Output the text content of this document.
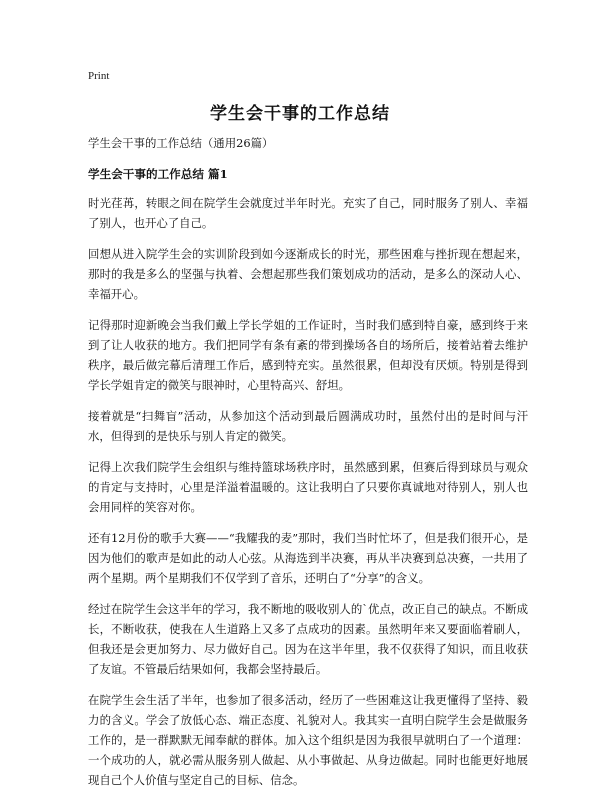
Print
学生会干事的工作总结
学生会干事的工作总结（通用26篇）
学生会干事的工作总结 篇1

时光荏苒，转眼之间在院学生会就度过半年时光。充实了自己，同时服务了别人、幸福了别人，也开心了自己。

回想从进入院学生会的实训阶段到如今逐渐成长的时光，那些困难与挫折现在想起来，那时的我是多么的坚强与执着、会想起那些我们策划成功的活动，是多么的深动人心、幸福开心。

记得那时迎新晚会当我们戴上学长学姐的工作证时，当时我们感到特自豪，感到终于来到了让人收获的地方。我们把同学有条有紊的带到操场各自的场所后，接着站着去维护秩序，最后做完幕后清理工作后，感到特充实。虽然很累，但却没有厌烦。特别是得到学长学姐肯定的微笑与眼神时，心里特高兴、舒坦。

接着就是“扫舞盲”活动，从参加这个活动到最后圆满成功时，虽然付出的是时间与汗水，但得到的是快乐与别人肯定的微笑。

记得上次我们院学生会组织与维持篮球场秩序时，虽然感到累，但赛后得到球员与观众的肯定与支持时，心里是洋溢着温暖的。这让我明白了只要你真诚地对待别人，别人也会用同样的笑容对你。

还有12月份的歌手大赛——“我耀我的麦”那时，我们当时忙坏了，但是我们很开心，是因为他们的歌声是如此的动人心弦。从海选到半决赛，再从半决赛到总决赛，一共用了两个星期。两个星期我们不仅学到了音乐，还明白了“分享”的含义。

经过在院学生会这半年的学习，我不断地的吸收别人的`优点，改正自己的缺点。不断成长，不断收获，使我在人生道路上又多了点成功的因素。虽然明年来又要面临着刷人，但我还是会更加努力、尽力做好自己。因为在这半年里，我不仅获得了知识，而且收获了友谊。不管最后结果如何，我都会坚持最后。

在院学生会生活了半年，也参加了很多活动，经历了一些困难这让我更懂得了坚持、毅力的含义。学会了放低心态、端正态度、礼貌对人。我其实一直明白院学生会是做服务工作的，是一群默默无闻奉献的群体。加入这个组织是因为我很早就明白了一个道理：一个成功的人，就必需从服务别人做起、从小事做起、从身边做起。同时也能更好地展现自己个人价值与坚定自己的目标、信念。
